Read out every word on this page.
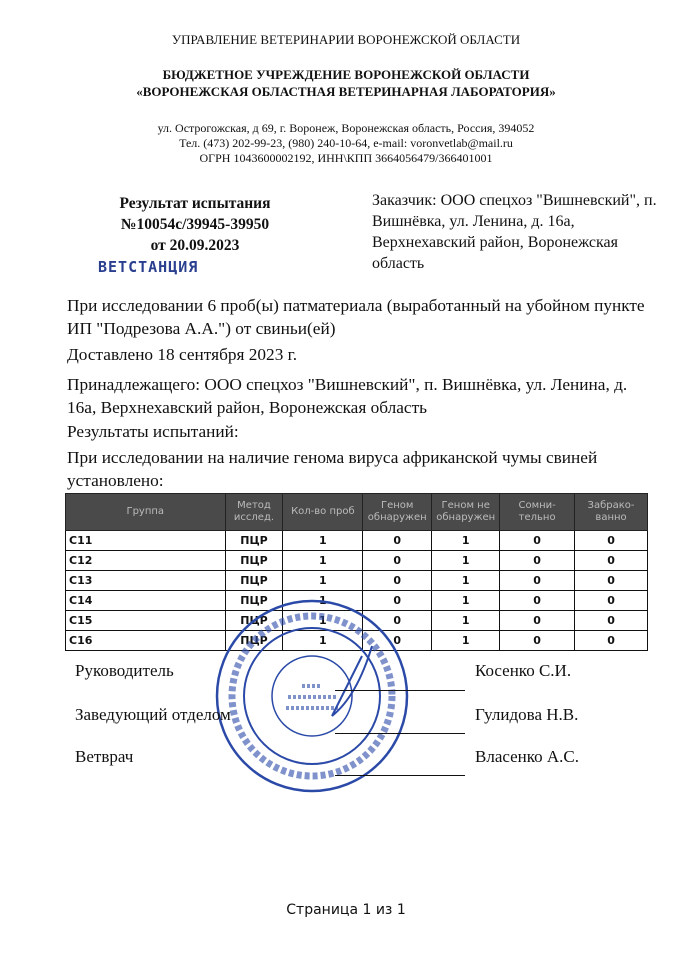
УПРАВЛЕНИЕ ВЕТЕРИНАРИИ ВОРОНЕЖСКОЙ ОБЛАСТИ
БЮДЖЕТНОЕ УЧРЕЖДЕНИЕ ВОРОНЕЖСКОЙ ОБЛАСТИ
«ВОРОНЕЖСКАЯ ОБЛАСТНАЯ ВЕТЕРИНАРНАЯ ЛАБОРАТОРИЯ»
ул. Острогожская, д 69, г. Воронеж, Воронежская область, Россия, 394052
Тел. (473) 202-99-23, (980) 240-10-64, e-mail: voronvetlab@mail.ru
ОГРН 1043600002192, ИНН\КПП 3664056479/366401001
Результат испытания
№10054с/39945-39950
от 20.09.2023
ВЕТСТАНЦИЯ
Заказчик: ООО спецхоз "Вишневский", п. Вишнёвка, ул. Ленина, д. 16а, Верхнехавский район, Воронежская область
При исследовании 6 проб(ы) патматериала (выработанный на убойном пункте ИП "Подрезова А.А.") от свиньи(ей)
Доставлено 18 сентября 2023 г.
Принадлежащего: ООО спецхоз "Вишневский", п. Вишнёвка, ул. Ленина, д. 16а, Верхнехавский район, Воронежская область
Результаты испытаний:
При исследовании на наличие генома вируса африканской чумы свиней установлено:
Группа	Метод исслед.	Кол-во проб	Геном обнаружен	Геном не обнаружен	Сомни-тельно	Забрако-ванно
С11	ПЦР	1	0	1	0	0
С12	ПЦР	1	0	1	0	0
С13	ПЦР	1	0	1	0	0
С14	ПЦР	1	0	1	0	0
С15	ПЦР	1	0	1	0	0
С16	ПЦР	1	0	1	0	0
Руководитель	Косенко С.И.
Заведующий отделом	Гулидова Н.В.
Ветврач	Власенко А.С.
Страница 1 из 1
